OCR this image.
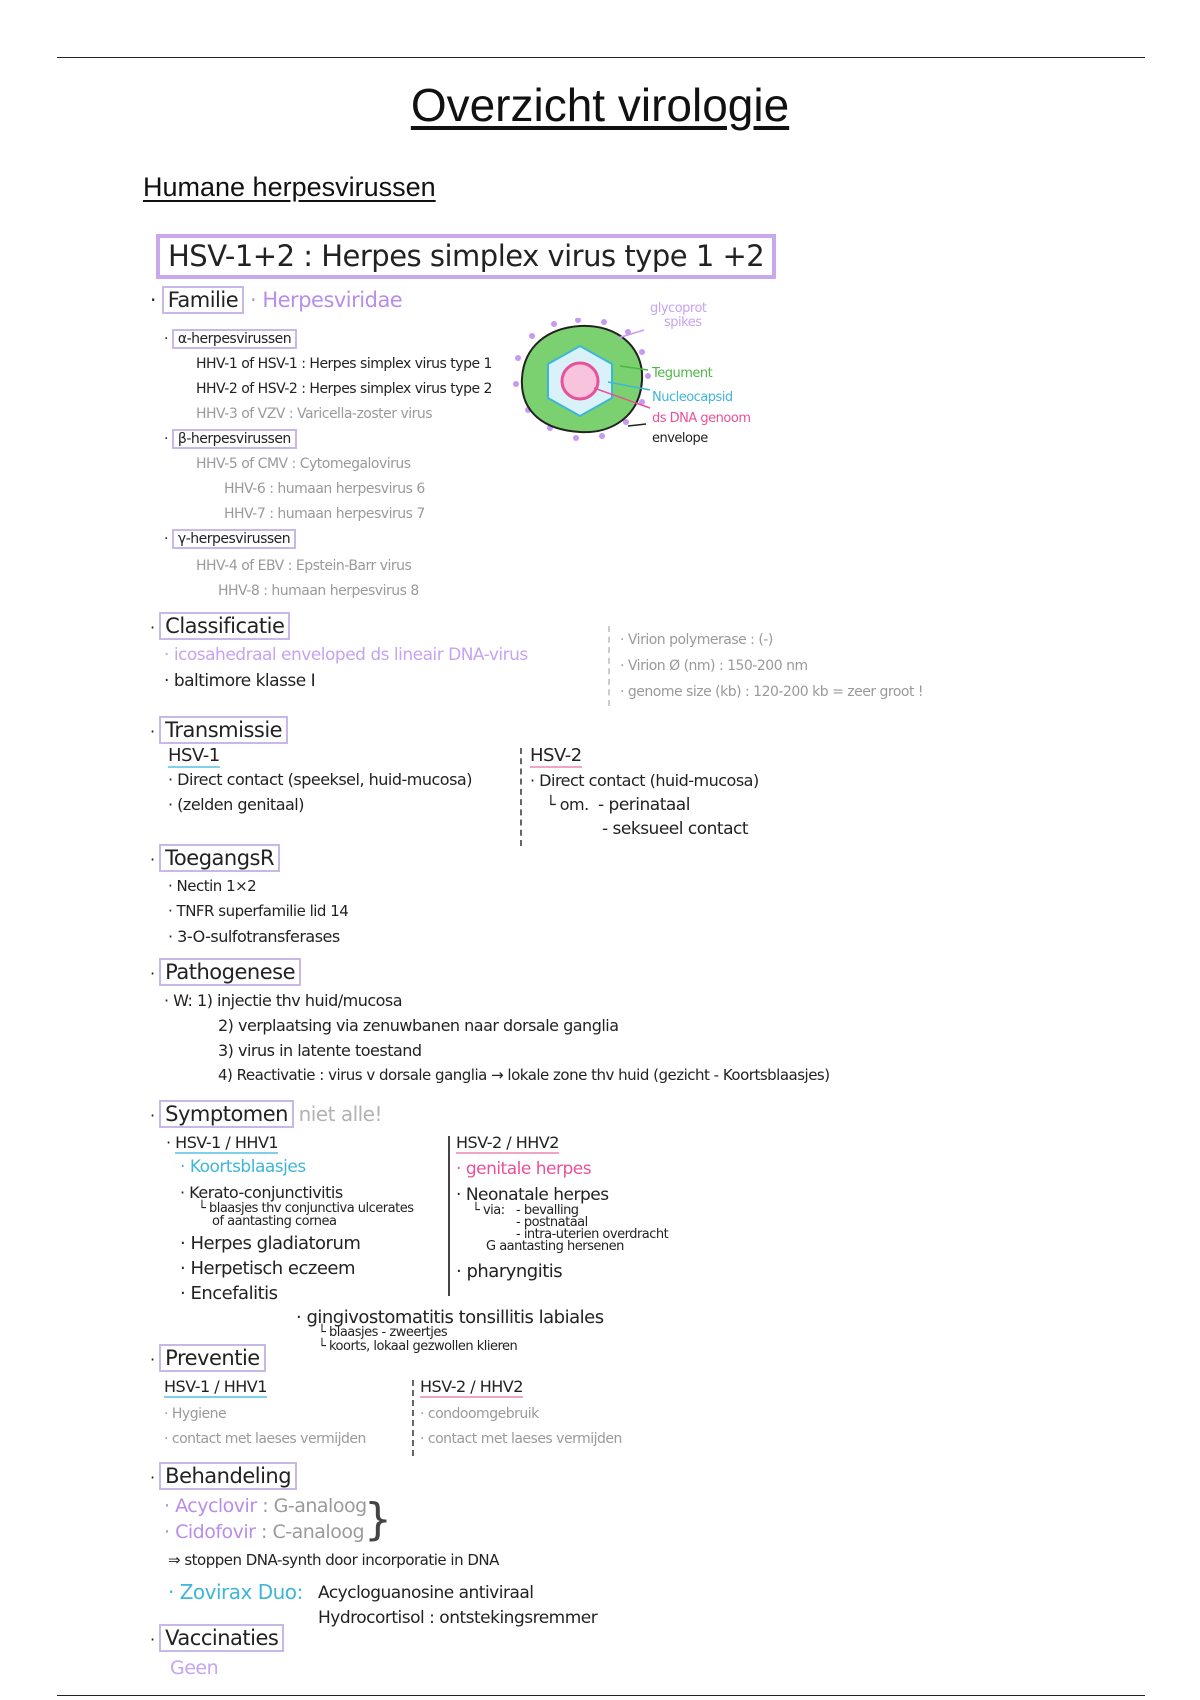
Overzicht virologie
Humane herpesvirussen
HSV-1+2 : Herpes simplex virus type 1 +2
· Familie · Herpesviridae
· α-herpesvirussen
HHV-1 of HSV-1 : Herpes simplex virus type 1
HHV-2 of HSV-2 : Herpes simplex virus type 2
HHV-3 of VZV : Varicella-zoster virus
· β-herpesvirussen
HHV-5 of CMV : Cytomegalovirus
HHV-6 : humaan herpesvirus 6
HHV-7 : humaan herpesvirus 7
· γ-herpesvirussen
HHV-4 of EBV : Epstein-Barr virus
HHV-8 : humaan herpesvirus 8
glycoprot
spikes
Tegument
Nucleocapsid
ds DNA genoom
envelope
· Classificatie
· icosahedraal enveloped ds lineair DNA-virus
· baltimore klasse I
· Virion polymerase : (-)
· Virion Ø (nm) : 150-200 nm
· genome size (kb) : 120-200 kb = zeer groot !
· Transmissie
HSV-1
· Direct contact (speeksel, huid-mucosa)
· (zelden genitaal)
HSV-2
· Direct contact (huid-mucosa)
└ om. - perinataal
- seksueel contact
· ToegangsR
· Nectin 1×2
· TNFR superfamilie lid 14
· 3-O-sulfotransferases
· Pathogenese
· W: 1) injectie thv huid/mucosa
2) verplaatsing via zenuwbanen naar dorsale ganglia
3) virus in latente toestand
4) Reactivatie : virus v dorsale ganglia → lokale zone thv huid (gezicht - Koortsblaasjes)
· Symptomen niet alle!
· HSV-1 / HHV1
· Koortsblaasjes
· Kerato-conjunctivitis
└ blaasjes thv conjunctiva ulcerates
of aantasting cornea
· Herpes gladiatorum
· Herpetisch eczeem
· Encefalitis
· gingivostomatitis tonsillitis labiales
└ blaasjes - zweertjes
└ koorts, lokaal gezwollen klieren
HSV-2 / HHV2
· genitale herpes
· Neonatale herpes
└ via: - bevalling
- postnataal
- intra-uterien overdracht
G aantasting hersenen
· pharyngitis
· Preventie
HSV-1 / HHV1
· Hygiene
· contact met laeses vermijden
HSV-2 / HHV2
· condoomgebruik
· contact met laeses vermijden
· Behandeling
· Acyclovir : G-analoog
· Cidofovir : C-analoog }
⇒ stoppen DNA-synth door incorporatie in DNA
· Zovirax Duo: Acycloguanosine antiviraal
Hydrocortisol : ontstekingsremmer
· Vaccinaties
Geen
